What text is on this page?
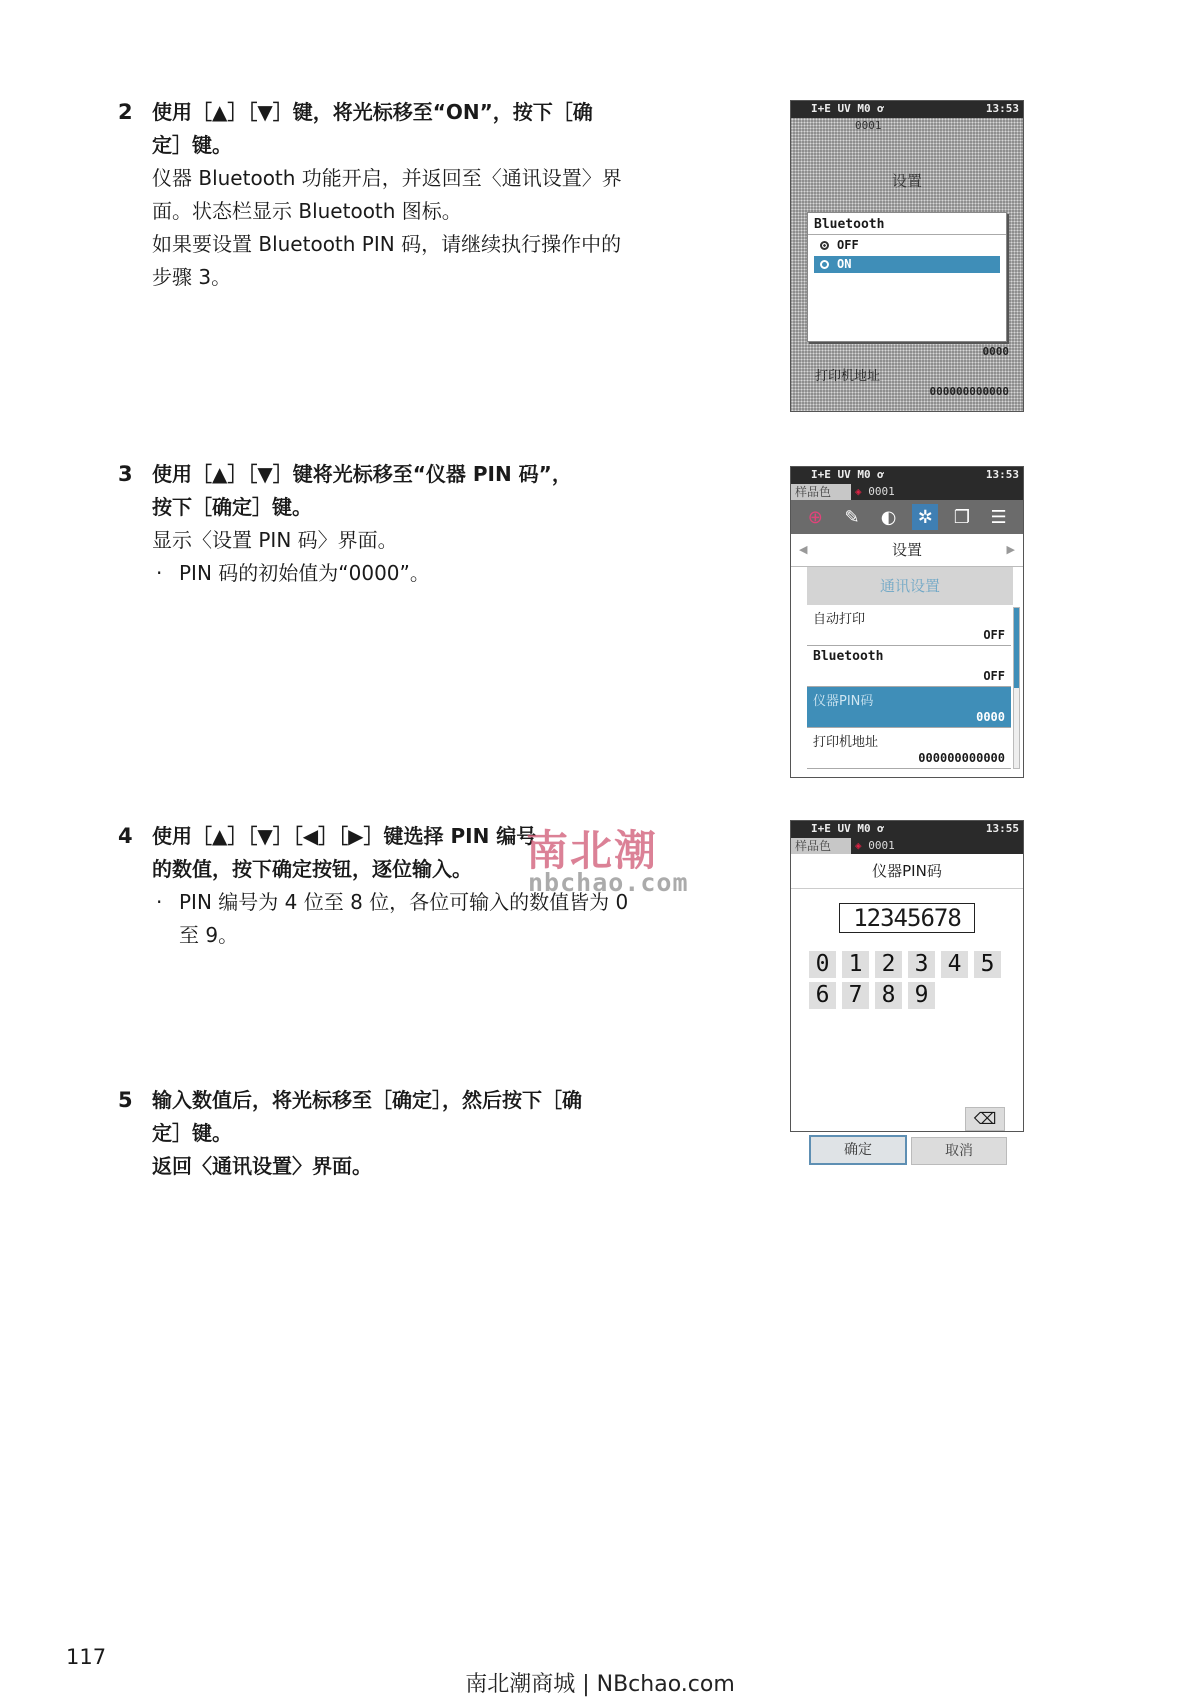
2 使用［▲］［▼］键，将光标移至“ON”，按下［确
定］键。
仪器 Bluetooth 功能开启，并返回至〈通讯设置〉界
面。状态栏显示 Bluetooth 图标。
如果要设置 Bluetooth PIN 码，请继续执行操作中的
步骤 3。
3 使用［▲］［▼］键将光标移至“仪器 PIN 码”，
按下［确定］键。
显示〈设置 PIN 码〉界面。
· PIN 码的初始值为“0000”。
4 使用［▲］［▼］［◀］［▶］键选择 PIN 编号
的数值，按下确定按钮，逐位输入。
· PIN 编号为 4 位至 8 位，各位可输入的数值皆为 0
至 9。
5 输入数值后，将光标移至［确定］，然后按下［确
定］键。
返回〈通讯设置〉界面。
I+E UV M0 ơ	13:53
0001
设置
Bluetooth
OFF
ON
0000
打印机地址
000000000000
I+E UV M0 ơ	13:53
样品色	◈ 0001
⊕	✎	◐	✲	❐ ☰
◀	设置	▶
通讯设置
自动打印
OFF
Bluetooth
OFF
仪器PIN码
0000
打印机地址
000000000000
I+E UV M0 ơ	13:55
样品色	◈ 0001
仪器PIN码
12345678
0 1 2 3 4 5
6 7 8 9
⌫
确定	取消
南北潮
nbchao.com
117
南北潮商城 | NBchao.com
